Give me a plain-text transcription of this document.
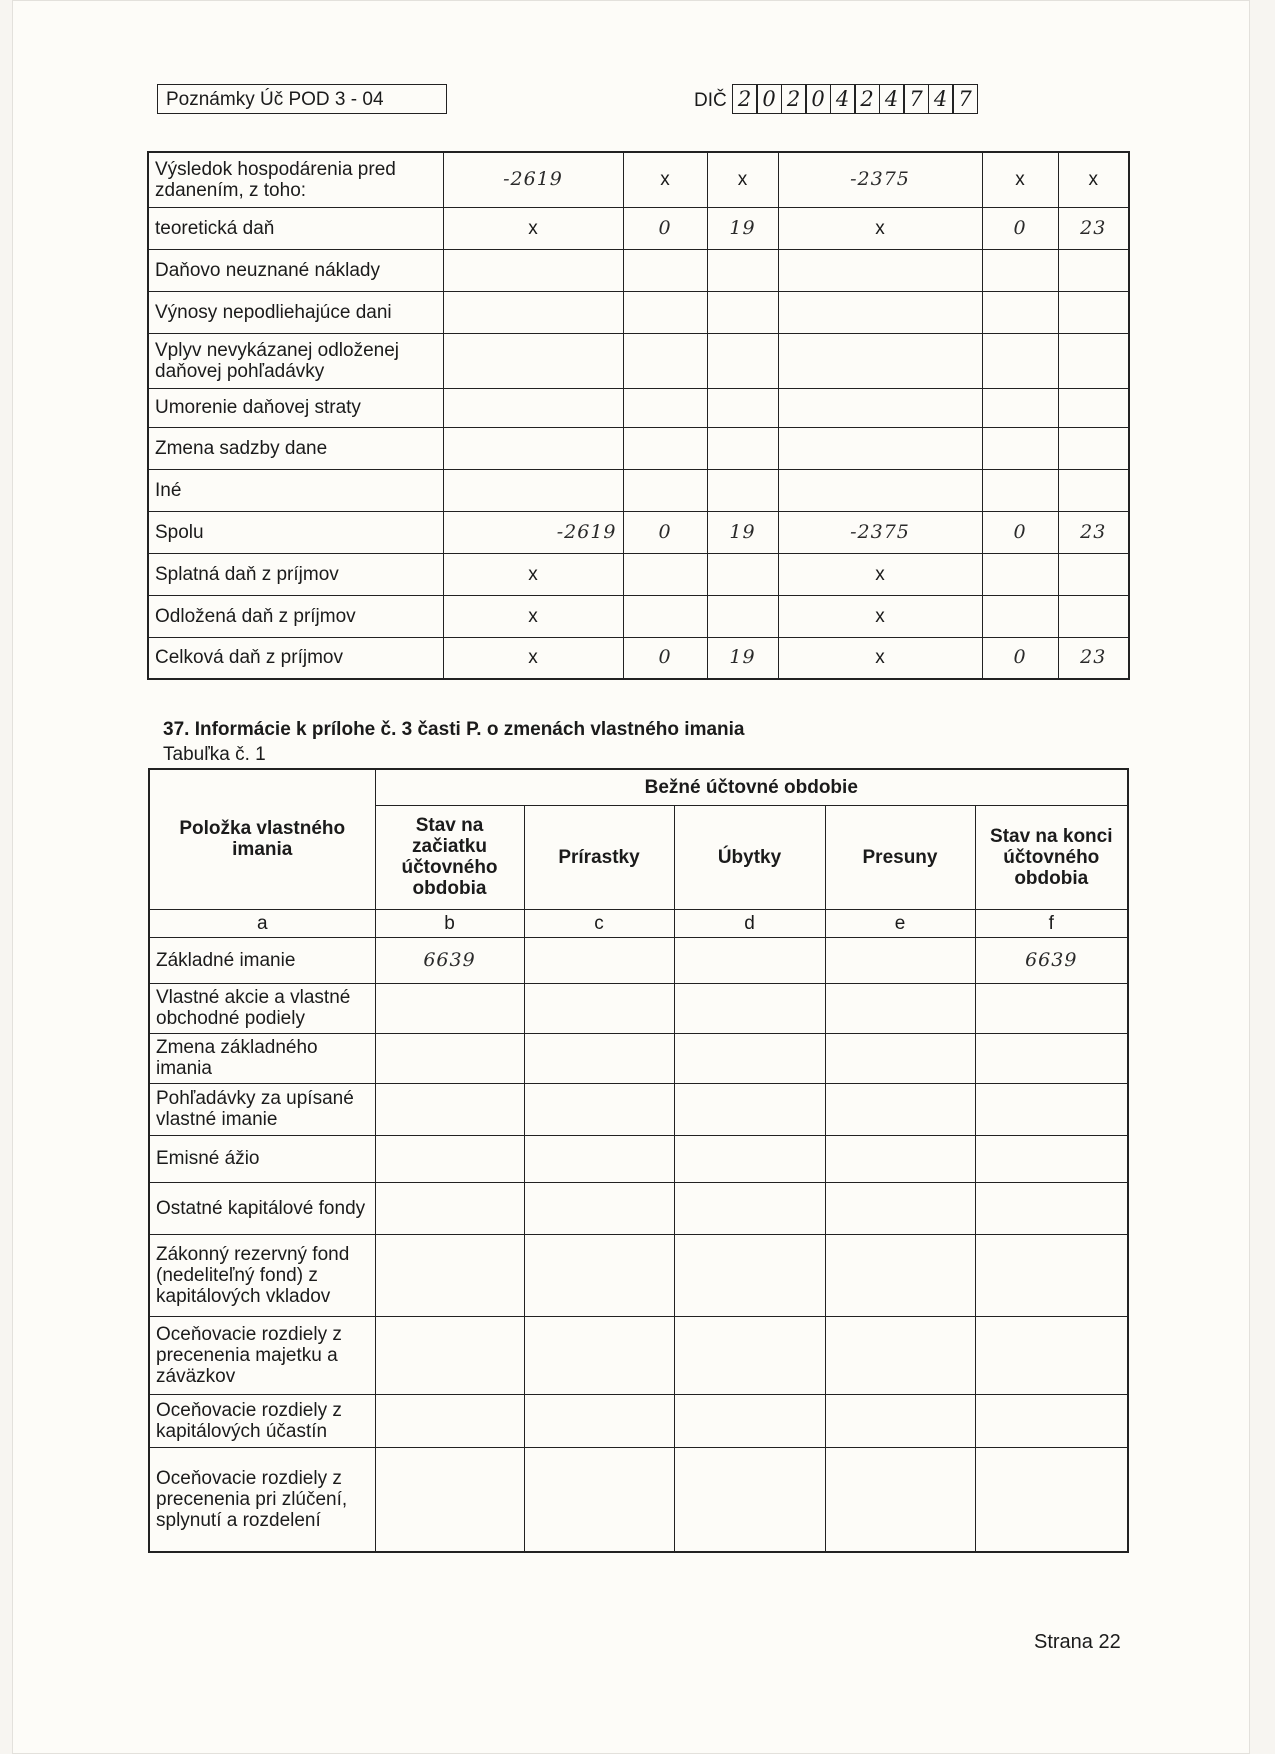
Poznámky Úč POD 3 - 04	DIČ 2 0 2 0 4 2 4 7 4 7
Výsledok hospodárenia pred zdanením, z toho:	-2619	x	x	-2375	x	x
teoretická daň	x	0	19	x	0	23
Daňovo neuznané náklady						
Výnosy nepodliehajúce dani						
Vplyv nevykázanej odloženej daňovej pohľadávky						
Umorenie daňovej straty						
Zmena sadzby dane						
Iné						
Spolu	-2619	0	19	-2375	0	23
Splatná daň z príjmov	x			x		
Odložená daň z príjmov	x			x		
Celková daň z príjmov	x	0	19	x	0	23
37. Informácie k prílohe č. 3 časti P. o zmenách vlastného imania
Tabuľka č. 1
Položka vlastného imania	Bežné účtovné obdobie				
	Stav na začiatku účtovného obdobia	Prírastky	Úbytky	Presuny	Stav na konci účtovného obdobia
a	b	c	d	e	f
Základné imanie	6639				6639
Vlastné akcie a vlastné obchodné podiely					
Zmena základného imania					
Pohľadávky za upísané vlastné imanie					
Emisné ážio					
Ostatné kapitálové fondy					
Zákonný rezervný fond (nedeliteľný fond) z kapitálových vkladov					
Oceňovacie rozdiely z precenenia majetku a záväzkov					
Oceňovacie rozdiely z kapitálových účastín					
Oceňovacie rozdiely z precenenia pri zlúčení, splynutí a rozdelení					
Strana 22
